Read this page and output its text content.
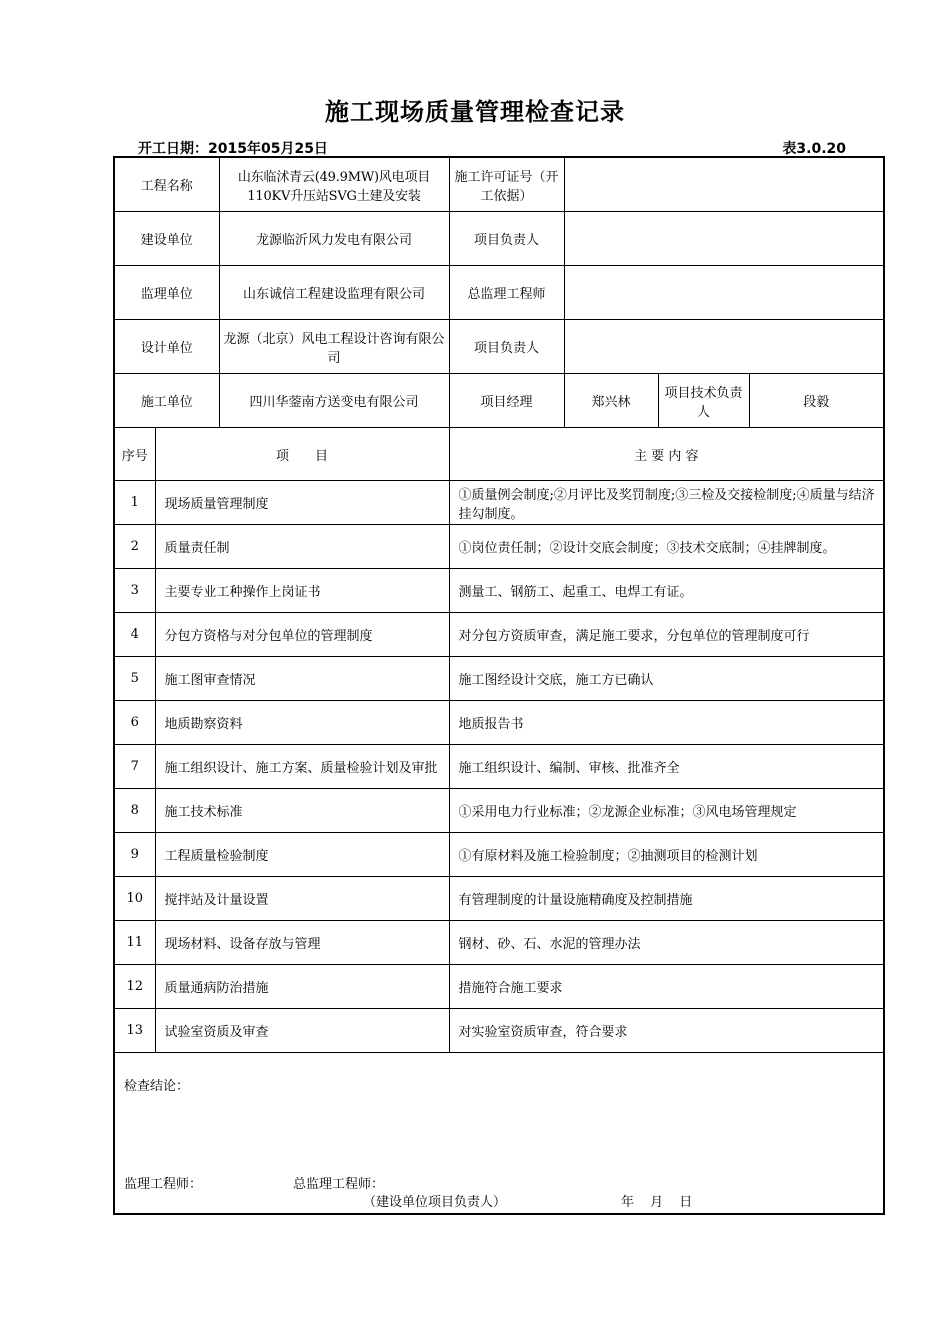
施工现场质量管理检查记录
开工日期：2015年05月25日	表3.0.20
工程名称		山东临沭青云(49.9MW)风电项目110KV升压站SVG土建及安装	施工许可证号（开工依据）			
建设单位		龙源临沂风力发电有限公司	项目负责人			
监理单位		山东诚信工程建设监理有限公司	总监理工程师			
设计单位		龙源（北京）风电工程设计咨询有限公司	项目负责人			
施工单位		四川华蓥南方送变电有限公司	项目经理	郑兴林	项目技术负责人	段毅
序号	项　　目		主 要 内 容			
1	现场质量管理制度		①质量例会制度;②月评比及奖罚制度;③三检及交接检制度;④质量与结济挂勾制度。			
2	质量责任制		①岗位责任制；②设计交底会制度；③技术交底制；④挂牌制度。			
3	主要专业工种操作上岗证书		测量工、钢筋工、起重工、电焊工有证。			
4	分包方资格与对分包单位的管理制度		对分包方资质审查，满足施工要求，分包单位的管理制度可行			
5	施工图审查情况		施工图经设计交底，施工方已确认			
6	地质勘察资料		地质报告书			
7	施工组织设计、施工方案、质量检验计划及审批		施工组织设计、编制、审核、批准齐全			
8	施工技术标准		①采用电力行业标准；②龙源企业标准；③风电场管理规定			
9	工程质量检验制度		①有原材料及施工检验制度；②抽测项目的检测计划			
10	搅拌站及计量设置		有管理制度的计量设施精确度及控制措施			
11	现场材料、设备存放与管理		钢材、砂、石、水泥的管理办法			
12	质量通病防治措施		措施符合施工要求			
13	试验室资质及审查		对实验室资质审查，符合要求			

检查结论：
监理工程师： 总监理工程师：
（建设单位项目负责人） 年 月 日						
